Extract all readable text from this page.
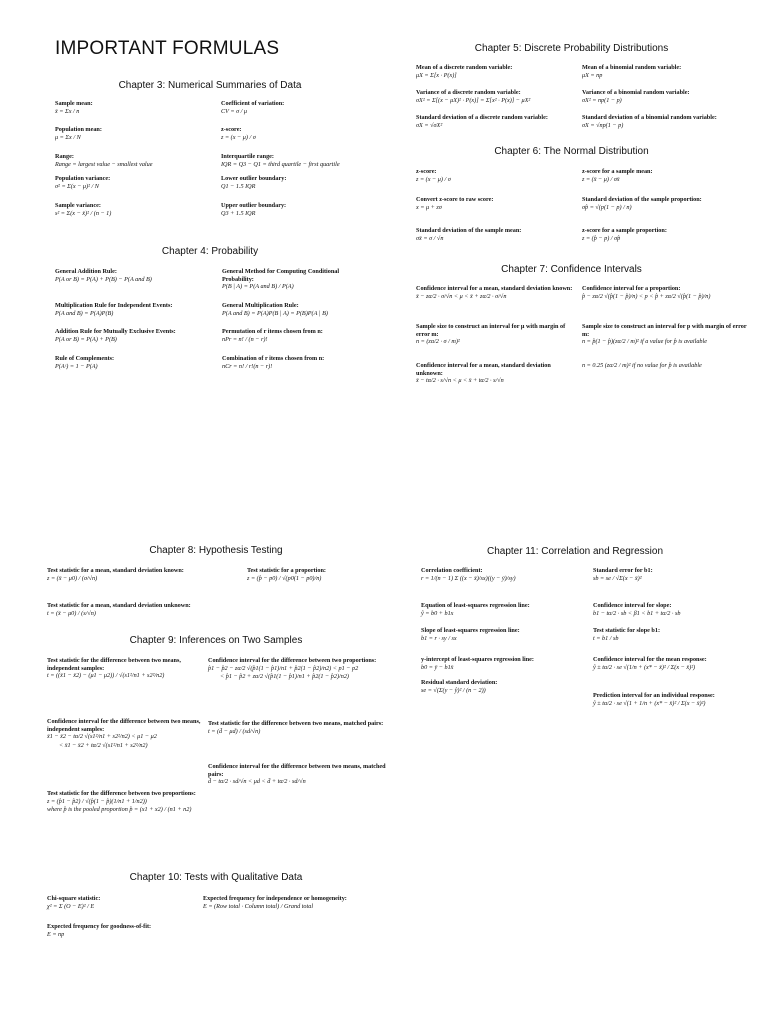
IMPORTANT FORMULAS
Chapter 3: Numerical Summaries of Data
Sample mean:
x̄ = Σx / n
Population mean:
μ = Σx / N
Range:
Range = largest value − smallest value
Population variance:
σ² = Σ(x − μ)² / N
Sample variance:
s² = Σ(x − x̄)² / (n − 1)
Coefficient of variation:
CV = σ / μ
z-score:
z = (x − μ) / σ
Interquartile range:
IQR = Q3 − Q1 = third quartile − first quartile
Lower outlier boundary:
Q1 − 1.5 IQR
Upper outlier boundary:
Q3 + 1.5 IQR
Chapter 4: Probability
General Addition Rule:
P(A or B) = P(A) + P(B) − P(A and B)
Multiplication Rule for Independent Events:
P(A and B) = P(A)P(B)
Addition Rule for Mutually Exclusive Events:
P(A or B) = P(A) + P(B)
Rule of Complements:
P(Aᶜ) = 1 − P(A)
General Method for Computing Conditional Probability:
P(B | A) = P(A and B) / P(A)
General Multiplication Rule:
P(A and B) = P(A)P(B | A) = P(B)P(A | B)
Permutation of r items chosen from n:
nPr = n! / (n − r)!
Combination of r items chosen from n:
nCr = n! / r!(n − r)!
Chapter 5: Discrete Probability Distributions
Mean of a discrete random variable:
μX = Σ[x · P(x)]
Variance of a discrete random variable:
σX² = Σ[(x − μX)² · P(x)] = Σ[x² · P(x)] − μX²
Standard deviation of a discrete random variable:
σX = √σX²
Mean of a binomial random variable:
μX = np
Variance of a binomial random variable:
σX² = np(1 − p)
Standard deviation of a binomial random variable:
σX = √np(1 − p)
Chapter 6: The Normal Distribution
z-score:
z = (x − μ) / σ
Convert z-score to raw score:
x = μ + zσ
Standard deviation of the sample mean:
σx̄ = σ / √n
z-score for a sample mean:
z = (x̄ − μ) / σx̄
Standard deviation of the sample proportion:
σp̂ = √(p(1 − p) / n)
z-score for a sample proportion:
z = (p̂ − p) / σp̂
Chapter 7: Confidence Intervals
Confidence interval for a mean, standard deviation known:
x̄ − zα/2 · σ/√n < μ < x̄ + zα/2 · σ/√n
Sample size to construct an interval for μ with margin of error m:
n = (zα/2 · σ / m)²
Confidence interval for a mean, standard deviation unknown:
x̄ − tα/2 · s/√n < μ < x̄ + tα/2 · s/√n
Confidence interval for a proportion:
p̂ − zα/2 √(p̂(1 − p̂)/n) < p < p̂ + zα/2 √(p̂(1 − p̂)/n)
Sample size to construct an interval for p with margin of error m:
n = p̂(1 − p̂)(zα/2 / m)² if a value for p̂ is available
n = 0.25 (zα/2 / m)² if no value for p̂ is available
Chapter 8: Hypothesis Testing
Test statistic for a mean, standard deviation known:
z = (x̄ − μ0) / (σ/√n)
Test statistic for a mean, standard deviation unknown:
t = (x̄ − μ0) / (s/√n)
Test statistic for a proportion:
z = (p̂ − p0) / √(p0(1 − p0)/n)
Chapter 9: Inferences on Two Samples
Test statistic for the difference between two means, independent samples:
t = ((x̄1 − x̄2) − (μ1 − μ2)) / √(s1²/n1 + s2²/n2)
Confidence interval for the difference between two means, independent samples:
x̄1 − x̄2 − tα/2 √(s1²/n1 + s2²/n2) < μ1 − μ2
< x̄1 − x̄2 + tα/2 √(s1²/n1 + s2²/n2)
Test statistic for the difference between two proportions:
z = (p̂1 − p̂2) / √(p̂(1 − p̂)(1/n1 + 1/n2))
where p̂ is the pooled proportion p̂ = (x1 + x2) / (n1 + n2)
Confidence interval for the difference between two proportions:
p̂1 − p̂2 − zα/2 √(p̂1(1 − p̂1)/n1 + p̂2(1 − p̂2)/n2) < p1 − p2
< p̂1 − p̂2 + zα/2 √(p̂1(1 − p̂1)/n1 + p̂2(1 − p̂2)/n2)
Test statistic for the difference between two means, matched pairs:
t = (d̄ − μd) / (sd/√n)
Confidence interval for the difference between two means, matched pairs:
d̄ − tα/2 · sd/√n < μd < d̄ + tα/2 · sd/√n
Chapter 10: Tests with Qualitative Data
Chi-square statistic:
χ² = Σ (O − E)² / E
Expected frequency for goodness-of-fit:
E = np
Expected frequency for independence or homogeneity:
E = (Row total · Column total) / Grand total
Chapter 11: Correlation and Regression
Correlation coefficient:
r = 1/(n − 1) Σ ((x − x̄)/sx)((y − ȳ)/sy)
Equation of least-squares regression line:
ŷ = b0 + b1x
Slope of least-squares regression line:
b1 = r · sy / sx
y-intercept of least-squares regression line:
b0 = ȳ − b1x̄
Residual standard deviation:
se = √(Σ(y − ŷ)² / (n − 2))
Standard error for b1:
sb = se / √Σ(x − x̄)²
Confidence interval for slope:
b1 − tα/2 · sb < β1 < b1 + tα/2 · sb
Test statistic for slope b1:
t = b1 / sb
Confidence interval for the mean response:
ŷ ± tα/2 · se √(1/n + (x* − x̄)² / Σ(x − x̄)²)
Prediction interval for an individual response:
ŷ ± tα/2 · se √(1 + 1/n + (x* − x̄)² / Σ(x − x̄)²)
